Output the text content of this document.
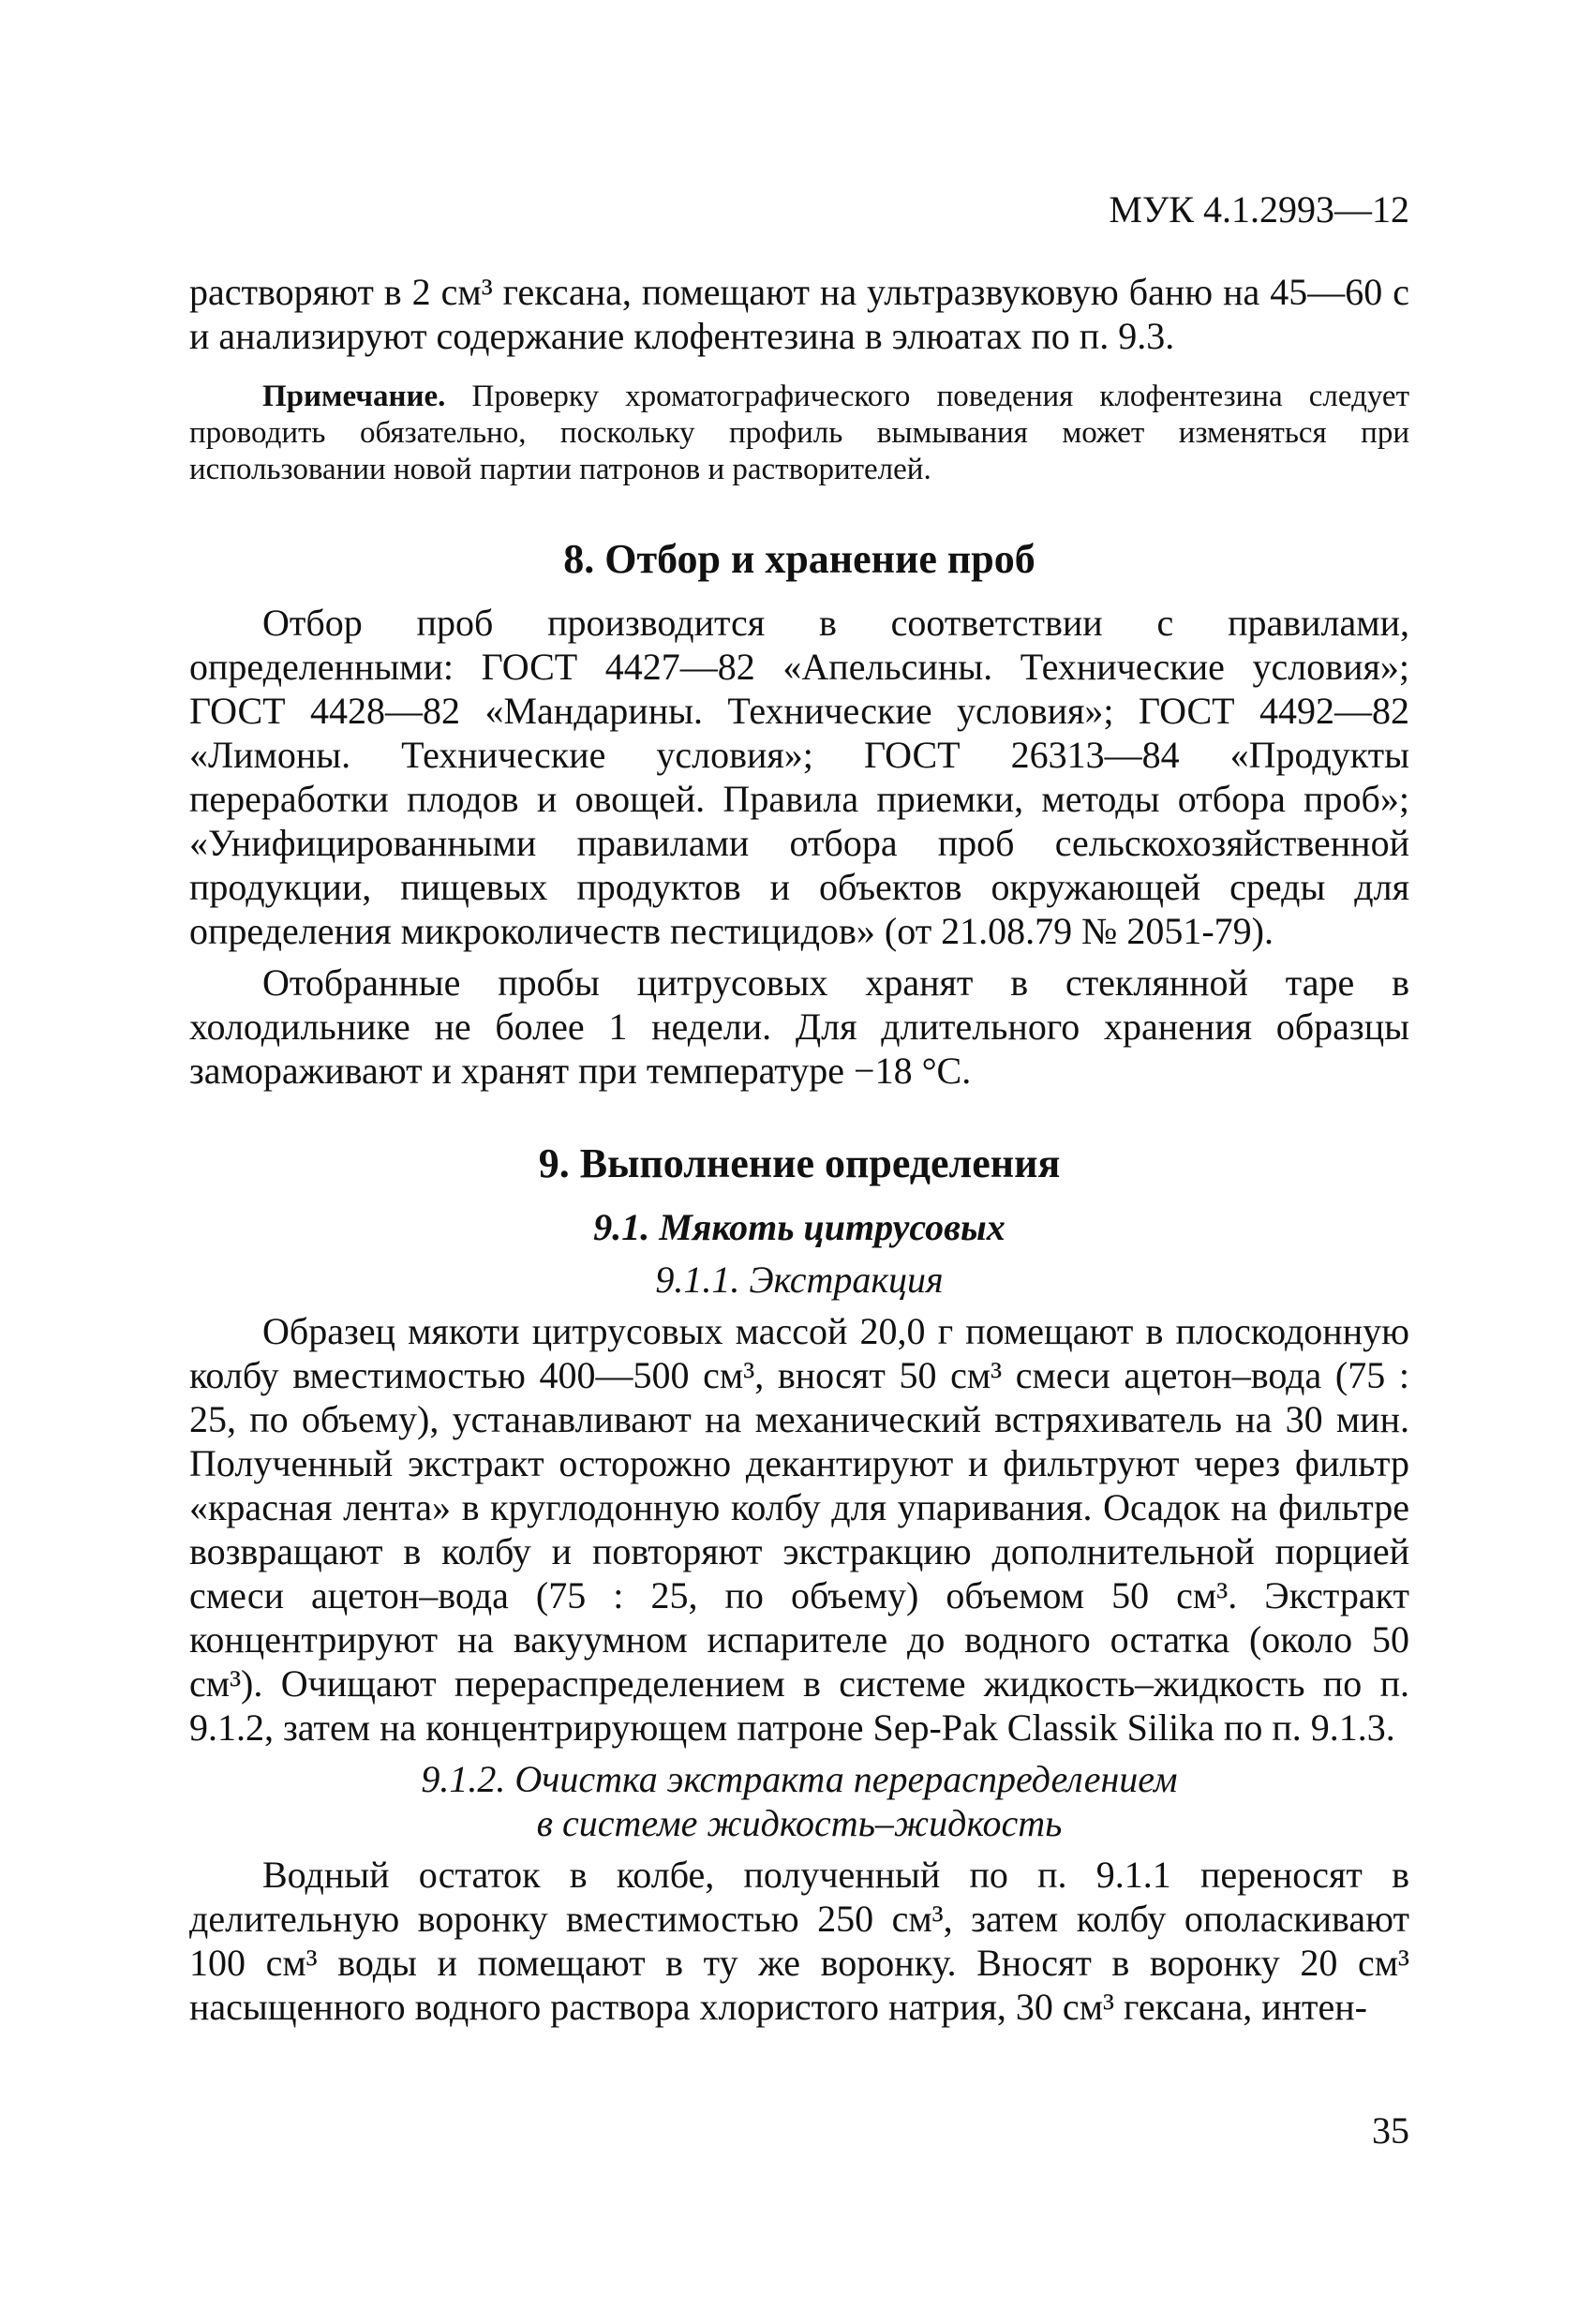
МУК 4.1.2993—12

растворяют в 2 см³ гексана, помещают на ультразвуковую баню на 45—60 с и анализируют содержание клофентезина в элюатах по п. 9.3.

Примечание. Проверку хроматографического поведения клофентезина следует проводить обязательно, поскольку профиль вымывания может изменяться при использовании новой партии патронов и растворителей.

8. Отбор и хранение проб

Отбор проб производится в соответствии с правилами, определенными: ГОСТ 4427—82 «Апельсины. Технические условия»; ГОСТ 4428—82 «Мандарины. Технические условия»; ГОСТ 4492—82 «Лимоны. Технические условия»; ГОСТ 26313—84 «Продукты переработки плодов и овощей. Правила приемки, методы отбора проб»; «Унифицированными правилами отбора проб сельскохозяйственной продукции, пищевых продуктов и объектов окружающей среды для определения микроколичеств пестицидов» (от 21.08.79 № 2051-79).

Отобранные пробы цитрусовых хранят в стеклянной таре в холодильнике не более 1 недели. Для длительного хранения образцы замораживают и хранят при температуре −18 °С.

9. Выполнение определения
9.1. Мякоть цитрусовых
9.1.1. Экстракция

Образец мякоти цитрусовых массой 20,0 г помещают в плоскодонную колбу вместимостью 400—500 см³, вносят 50 см³ смеси ацетон–вода (75 : 25, по объему), устанавливают на механический встряхиватель на 30 мин. Полученный экстракт осторожно декантируют и фильтруют через фильтр «красная лента» в круглодонную колбу для упаривания. Осадок на фильтре возвращают в колбу и повторяют экстракцию дополнительной порцией смеси ацетон–вода (75 : 25, по объему) объемом 50 см³. Экстракт концентрируют на вакуумном испарителе до водного остатка (около 50 см³). Очищают перераспределением в системе жидкость–жидкость по п. 9.1.2, затем на концентрирующем патроне Sep-Pak Classik Silika по п. 9.1.3.

9.1.2. Очистка экстракта перераспределением
в системе жидкость–жидкость

Водный остаток в колбе, полученный по п. 9.1.1 переносят в делительную воронку вместимостью 250 см³, затем колбу ополаскивают 100 см³ воды и помещают в ту же воронку. Вносят в воронку 20 см³ насыщенного водного раствора хлористого натрия, 30 см³ гексана, интен-

35
